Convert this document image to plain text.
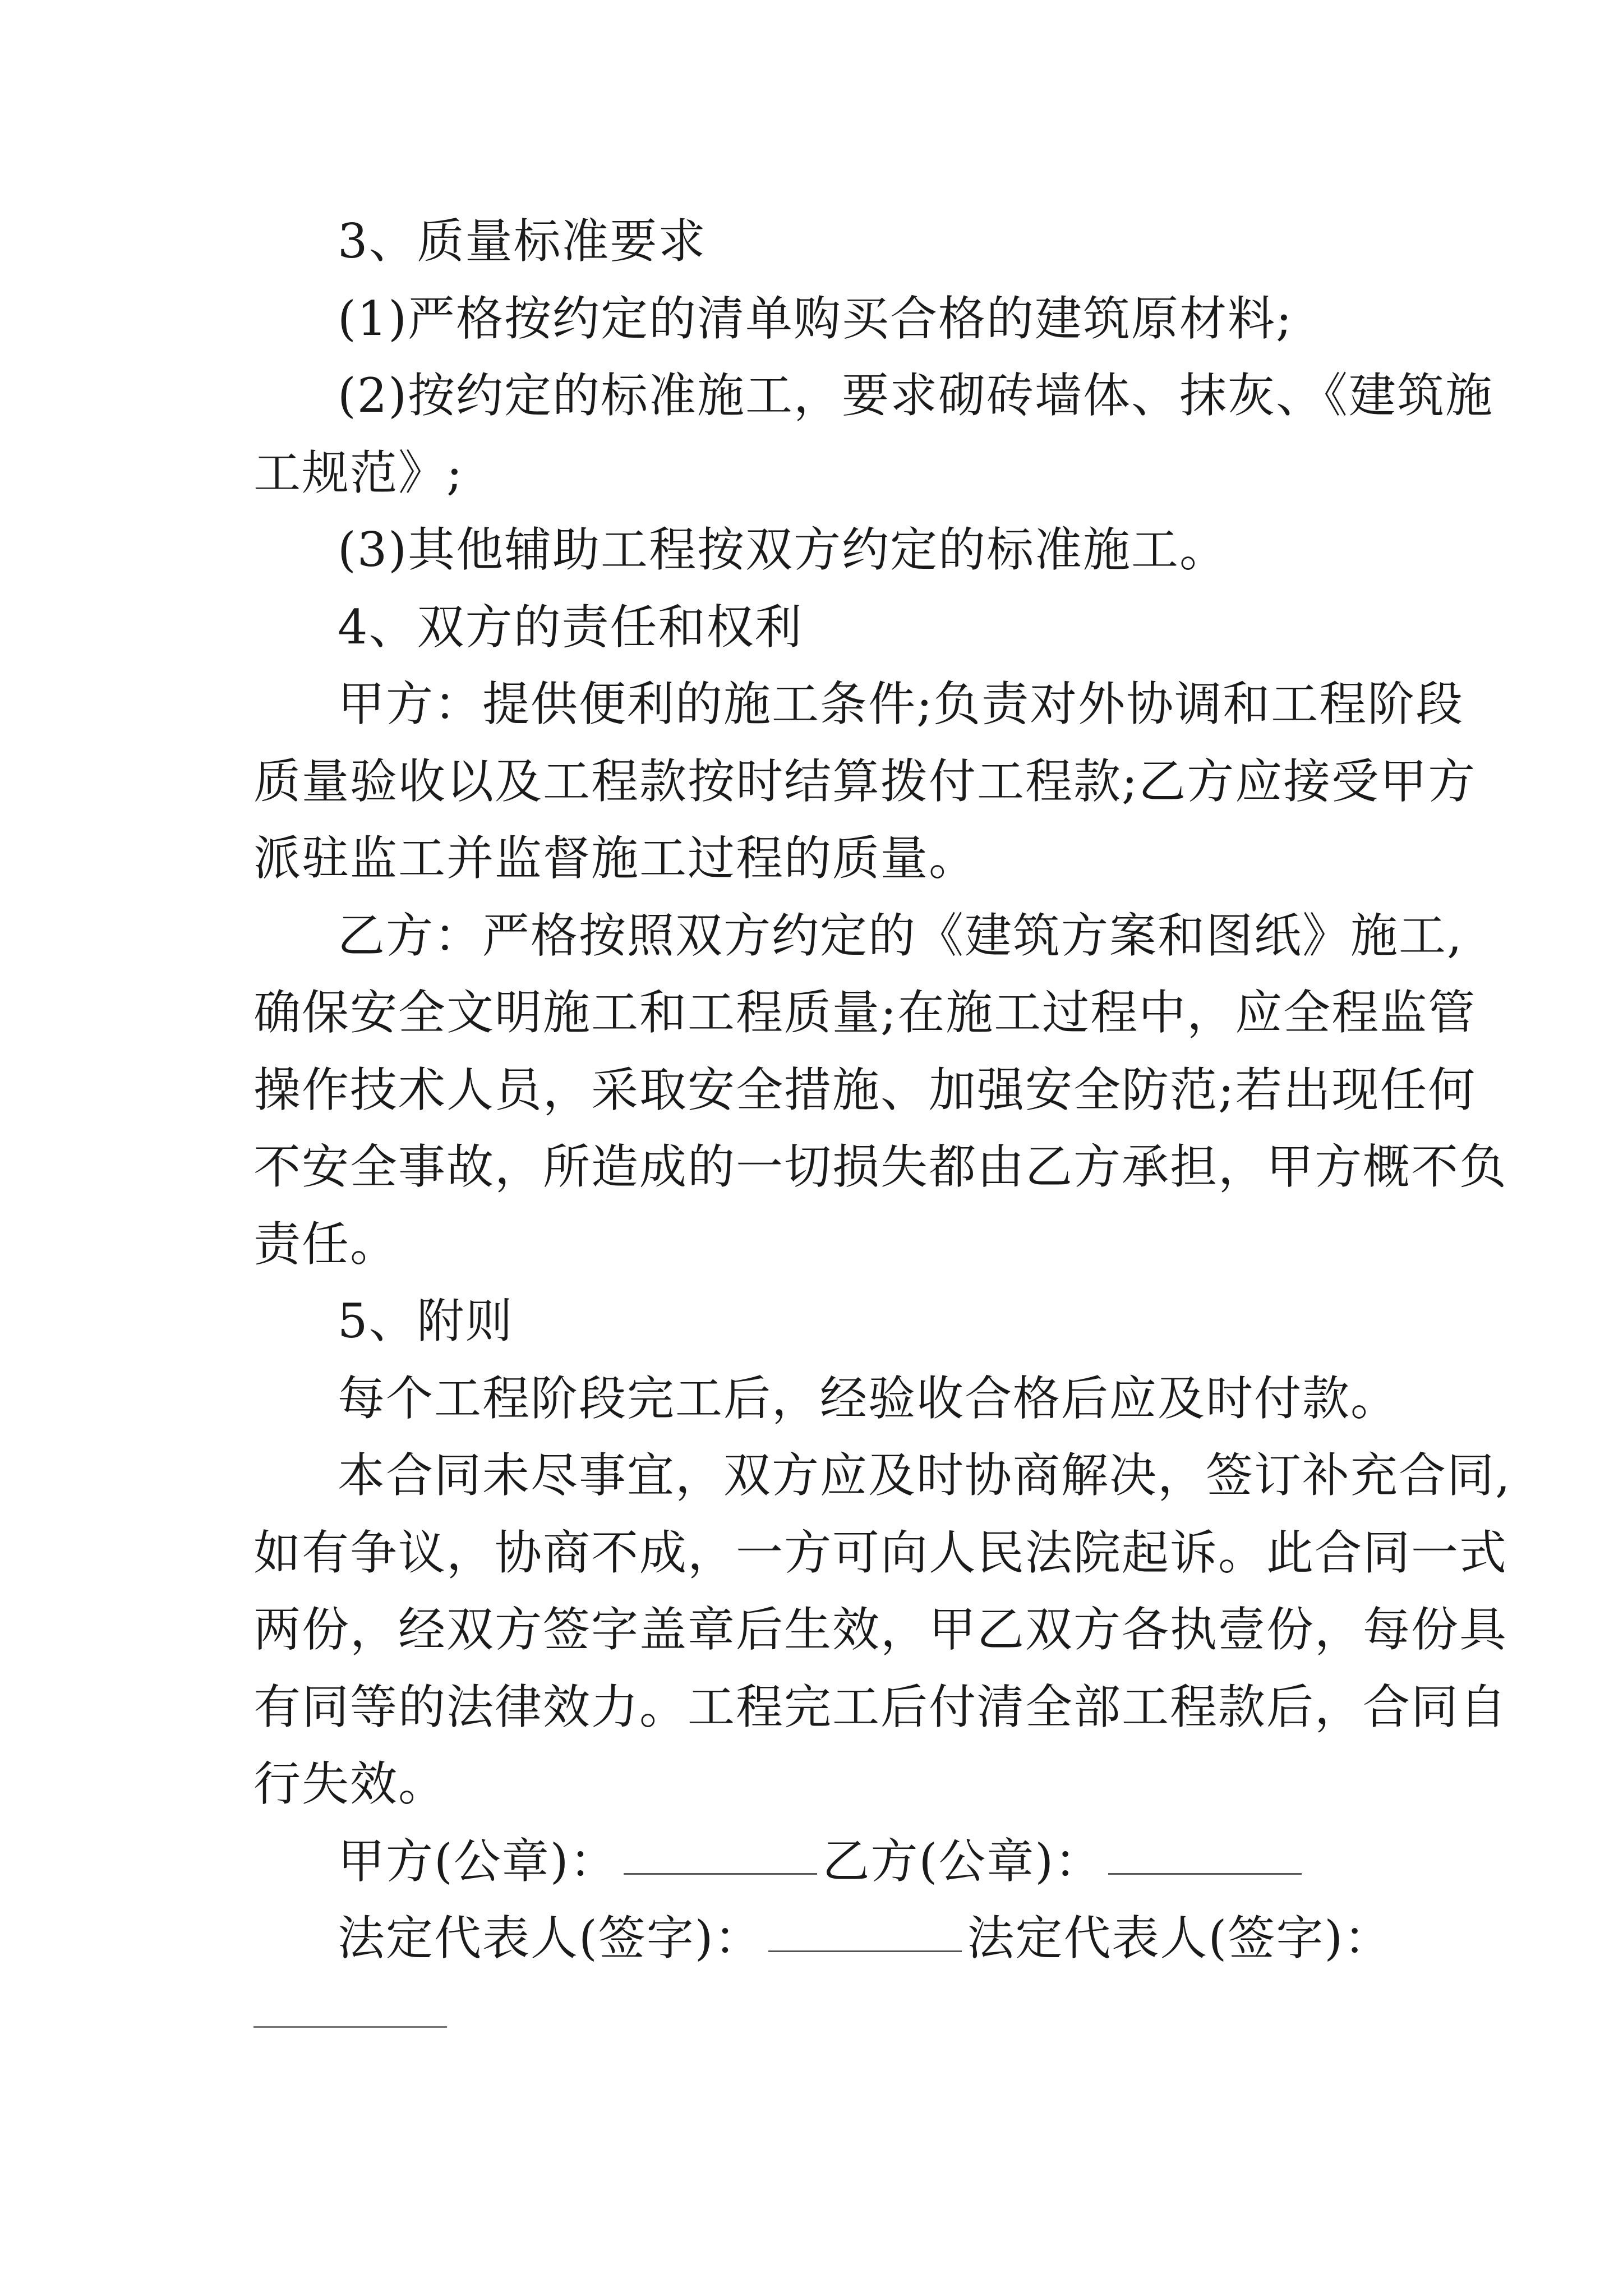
3、质量标准要求

(1)严格按约定的清单购买合格的建筑原材料;

(2)按约定的标准施工，要求砌砖墙体、抹灰、《建筑施

工规范》;

(3)其他辅助工程按双方约定的标准施工。

4、双方的责任和权利

甲方：提供便利的施工条件;负责对外协调和工程阶段

质量验收以及工程款按时结算拨付工程款;乙方应接受甲方

派驻监工并监督施工过程的质量。

乙方：严格按照双方约定的《建筑方案和图纸》施工,

确保安全文明施工和工程质量;在施工过程中，应全程监管

操作技术人员，采取安全措施、加强安全防范;若出现任何

不安全事故，所造成的一切损失都由乙方承担，甲方概不负

责任。

5、附则

每个工程阶段完工后，经验收合格后应及时付款。

本合同未尽事宜，双方应及时协商解决，签订补充合同,

如有争议，协商不成，一方可向人民法院起诉。此合同一式

两份，经双方签字盖章后生效，甲乙双方各执壹份，每份具

有同等的法律效力。工程完工后付清全部工程款后，合同自

行失效。

甲方(公章)：	乙方(公章)：

法定代表人(签字)：	法定代表人(签字)：
